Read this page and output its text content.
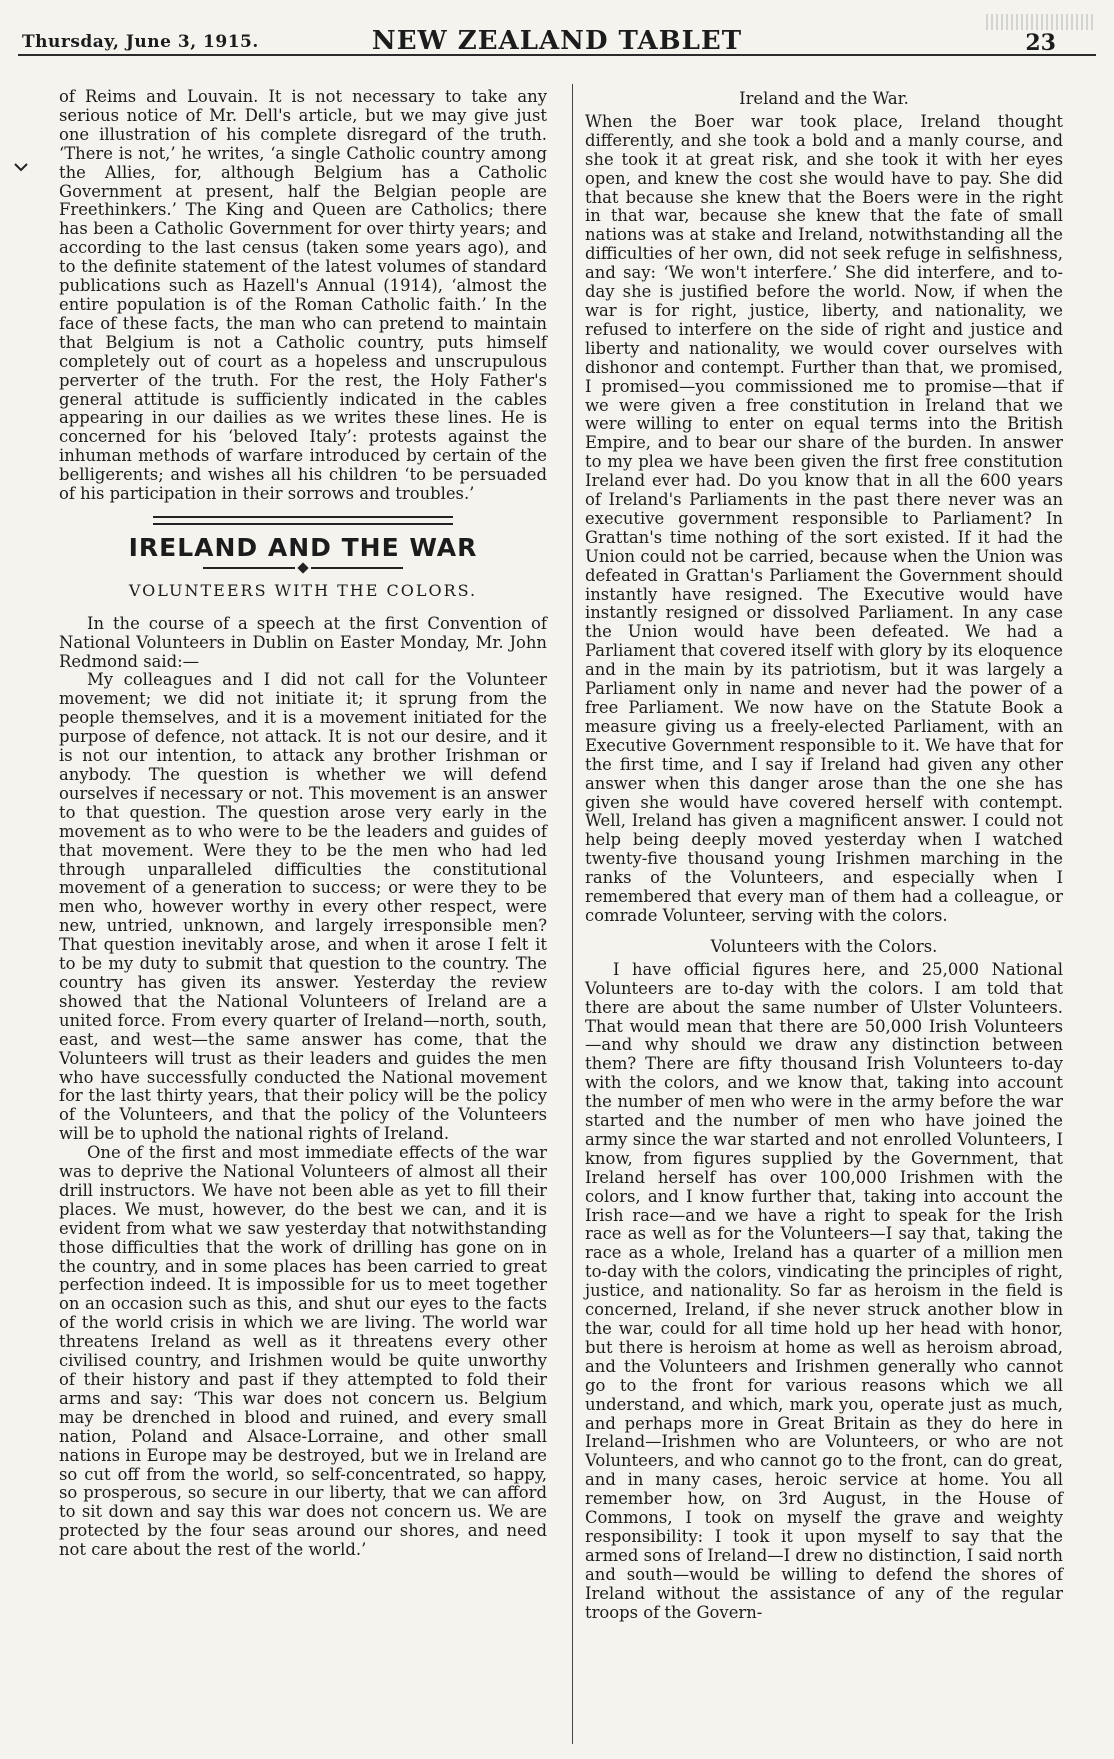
Thursday, June 3, 1915.	NEW ZEALAND TABLET	23

of Reims and Louvain. It is not necessary to take any serious notice of Mr. Dell's article, but we may give just one illustration of his complete disregard of the truth. ‘There is not,’ he writes, ‘a single Catholic country among the Allies, for, although Belgium has a Catholic Government at present, half the Belgian people are Freethinkers.’ The King and Queen are Catholics; there has been a Catholic Government for over thirty years; and according to the last census (taken some years ago), and to the definite statement of the latest volumes of standard publications such as Hazell's Annual (1914), ‘almost the entire population is of the Roman Catholic faith.’ In the face of these facts, the man who can pretend to maintain that Belgium is not a Catholic country, puts himself completely out of court as a hopeless and unscrupulous perverter of the truth. For the rest, the Holy Father's general attitude is sufficiently indicated in the cables appearing in our dailies as we writes these lines. He is concerned for his ‘beloved Italy’: protests against the inhuman methods of warfare introduced by certain of the belligerents; and wishes all his children ‘to be persuaded of his participation in their sorrows and troubles.’

IRELAND AND THE WAR
VOLUNTEERS WITH THE COLORS.

In the course of a speech at the first Convention of National Volunteers in Dublin on Easter Monday, Mr. John Redmond said:—

My colleagues and I did not call for the Volunteer movement; we did not initiate it; it sprung from the people themselves, and it is a movement initiated for the purpose of defence, not attack. It is not our desire, and it is not our intention, to attack any brother Irishman or anybody. The question is whether we will defend ourselves if necessary or not. This movement is an answer to that question. The question arose very early in the movement as to who were to be the leaders and guides of that movement. Were they to be the men who had led through unparalleled difficulties the constitutional movement of a generation to success; or were they to be men who, however worthy in every other respect, were new, untried, unknown, and largely irresponsible men? That question inevitably arose, and when it arose I felt it to be my duty to submit that question to the country. The country has given its answer. Yesterday the review showed that the National Volunteers of Ireland are a united force. From every quarter of Ireland—north, south, east, and west—the same answer has come, that the Volunteers will trust as their leaders and guides the men who have successfully conducted the National movement for the last thirty years, that their policy will be the policy of the Volunteers, and that the policy of the Volunteers will be to uphold the national rights of Ireland.

One of the first and most immediate effects of the war was to deprive the National Volunteers of almost all their drill instructors. We have not been able as yet to fill their places. We must, however, do the best we can, and it is evident from what we saw yesterday that notwithstanding those difficulties that the work of drilling has gone on in the country, and in some places has been carried to great perfection indeed. It is impossible for us to meet together on an occasion such as this, and shut our eyes to the facts of the world crisis in which we are living. The world war threatens Ireland as well as it threatens every other civilised country, and Irishmen would be quite unworthy of their history and past if they attempted to fold their arms and say: ‘This war does not concern us. Belgium may be drenched in blood and ruined, and every small nation, Poland and Alsace-Lorraine, and other small nations in Europe may be destroyed, but we in Ireland are so cut off from the world, so self-concentrated, so happy, so prosperous, so secure in our liberty, that we can afford to sit down and say this war does not concern us. We are protected by the four seas around our shores, and need not care about the rest of the world.’

Ireland and the War.

When the Boer war took place, Ireland thought differently, and she took a bold and a manly course, and she took it at great risk, and she took it with her eyes open, and knew the cost she would have to pay. She did that because she knew that the Boers were in the right in that war, because she knew that the fate of small nations was at stake and Ireland, notwithstanding all the difficulties of her own, did not seek refuge in selfishness, and say: ‘We won't interfere.’ She did interfere, and to-day she is justified before the world. Now, if when the war is for right, justice, liberty, and nationality, we refused to interfere on the side of right and justice and liberty and nationality, we would cover ourselves with dishonor and contempt. Further than that, we promised, I promised—you commissioned me to promise—that if we were given a free constitution in Ireland that we were willing to enter on equal terms into the British Empire, and to bear our share of the burden. In answer to my plea we have been given the first free constitution Ireland ever had. Do you know that in all the 600 years of Ireland's Parliaments in the past there never was an executive government responsible to Parliament? In Grattan's time nothing of the sort existed. If it had the Union could not be carried, because when the Union was defeated in Grattan's Parliament the Government should instantly have resigned. The Executive would have instantly resigned or dissolved Parliament. In any case the Union would have been defeated. We had a Parliament that covered itself with glory by its eloquence and in the main by its patriotism, but it was largely a Parliament only in name and never had the power of a free Parliament. We now have on the Statute Book a measure giving us a freely-elected Parliament, with an Executive Government responsible to it. We have that for the first time, and I say if Ireland had given any other answer when this danger arose than the one she has given she would have covered herself with contempt. Well, Ireland has given a magnificent answer. I could not help being deeply moved yesterday when I watched twenty-five thousand young Irishmen marching in the ranks of the Volunteers, and especially when I remembered that every man of them had a colleague, or comrade Volunteer, serving with the colors.

Volunteers with the Colors.

I have official figures here, and 25,000 National Volunteers are to-day with the colors. I am told that there are about the same number of Ulster Volunteers. That would mean that there are 50,000 Irish Volunteers—and why should we draw any distinction between them? There are fifty thousand Irish Volunteers to-day with the colors, and we know that, taking into account the number of men who were in the army before the war started and the number of men who have joined the army since the war started and not enrolled Volunteers, I know, from figures supplied by the Government, that Ireland herself has over 100,000 Irishmen with the colors, and I know further that, taking into account the Irish race—and we have a right to speak for the Irish race as well as for the Volunteers—I say that, taking the race as a whole, Ireland has a quarter of a million men to-day with the colors, vindicating the principles of right, justice, and nationality. So far as heroism in the field is concerned, Ireland, if she never struck another blow in the war, could for all time hold up her head with honor, but there is heroism at home as well as heroism abroad, and the Volunteers and Irishmen generally who cannot go to the front for various reasons which we all understand, and which, mark you, operate just as much, and perhaps more in Great Britain as they do here in Ireland—Irishmen who are Volunteers, or who are not Volunteers, and who cannot go to the front, can do great, and in many cases, heroic service at home. You all remember how, on 3rd August, in the House of Commons, I took on myself the grave and weighty responsibility: I took it upon myself to say that the armed sons of Ireland—I drew no distinction, I said north and south—would be willing to defend the shores of Ireland without the assistance of any of the regular troops of the Govern-
